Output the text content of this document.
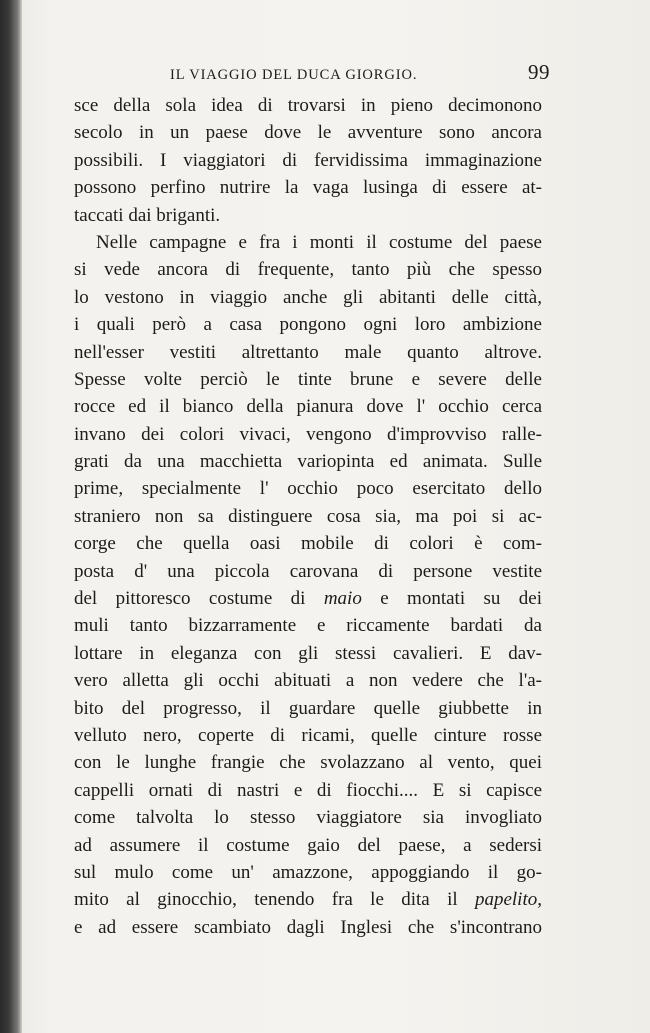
IL VIAGGIO DEL DUCA GIORGIO.	99
sce della sola idea di trovarsi in pieno decimonono
secolo in un paese dove le avventure sono ancora
possibili. I viaggiatori di fervidissima immaginazione
possono perfino nutrire la vaga lusinga di essere at-
taccati dai briganti.
Nelle campagne e fra i monti il costume del paese
si vede ancora di frequente, tanto più che spesso
lo vestono in viaggio anche gli abitanti delle città,
i quali però a casa pongono ogni loro ambizione
nell'esser vestiti altrettanto male quanto altrove.
Spesse volte perciò le tinte brune e severe delle
rocce ed il bianco della pianura dove l' occhio cerca
invano dei colori vivaci, vengono d'improvviso ralle-
grati da una macchietta variopinta ed animata. Sulle
prime, specialmente l' occhio poco esercitato dello
straniero non sa distinguere cosa sia, ma poi si ac-
corge che quella oasi mobile di colori è com-
posta d' una piccola carovana di persone vestite
del pittoresco costume di maio e montati su dei
muli tanto bizzarramente e riccamente bardati da
lottare in eleganza con gli stessi cavalieri. E dav-
vero alletta gli occhi abituati a non vedere che l'a-
bito del progresso, il guardare quelle giubbette in
velluto nero, coperte di ricami, quelle cinture rosse
con le lunghe frangie che svolazzano al vento, quei
cappelli ornati di nastri e di fiocchi.... E si capisce
come talvolta lo stesso viaggiatore sia invogliato
ad assumere il costume gaio del paese, a sedersi
sul mulo come un' amazzone, appoggiando il go-
mito al ginocchio, tenendo fra le dita il papelito,
e ad essere scambiato dagli Inglesi che s'incontrano
